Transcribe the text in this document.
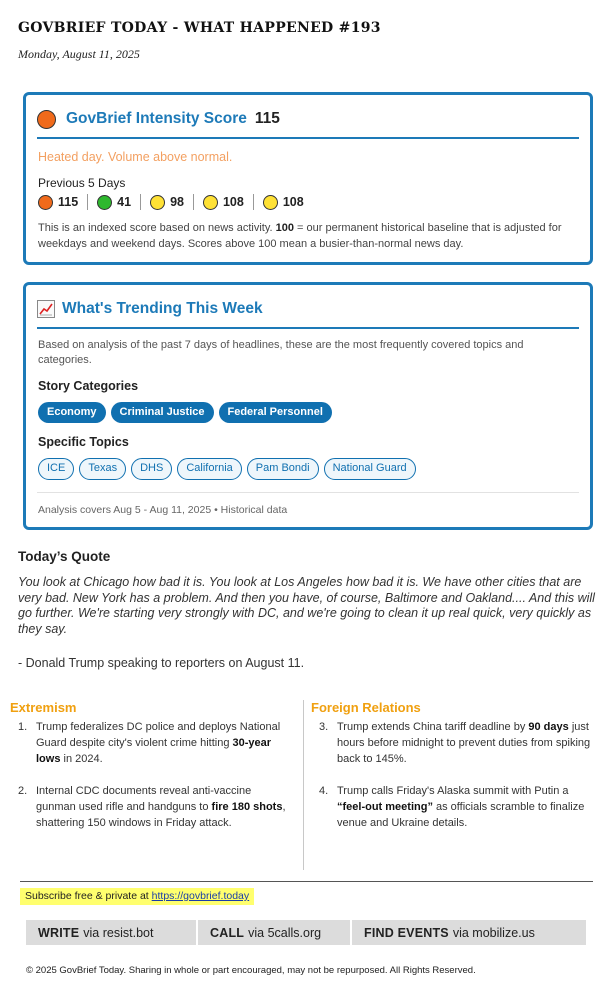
GOVBRIEF TODAY - WHAT HAPPENED #193
Monday, August 11, 2025
GovBrief Intensity Score 115
Heated day. Volume above normal.
Previous 5 Days
115	41	98	108	108
This is an indexed score based on news activity. 100 = our permanent historical baseline that is adjusted for weekdays and weekend days. Scores above 100 mean a busier-than-normal news day.
What's Trending This Week
Based on analysis of the past 7 days of headlines, these are the most frequently covered topics and categories.
Story Categories
Economy	Criminal Justice	Federal Personnel
Specific Topics
ICE	Texas	DHS	California	Pam Bondi	National Guard
Analysis covers Aug 5 - Aug 11, 2025 • Historical data
Today’s Quote
You look at Chicago how bad it is. You look at Los Angeles how bad it is. We have other cities that are very bad. New York has a problem. And then you have, of course, Baltimore and Oakland.... And this will go further. We're starting very strongly with DC, and we're going to clean it up real quick, very quickly as they say.
- Donald Trump speaking to reporters on August 11.
Extremism
1. Trump federalizes DC police and deploys National Guard despite city's violent crime hitting 30-year lows in 2024.
2. Internal CDC documents reveal anti-vaccine gunman used rifle and handguns to fire 180 shots, shattering 150 windows in Friday attack.
Foreign Relations
3. Trump extends China tariff deadline by 90 days just hours before midnight to prevent duties from spiking back to 145%.
4. Trump calls Friday's Alaska summit with Putin a “feel-out meeting” as officials scramble to finalize venue and Ukraine details.
Subscribe free & private at https://govbrief.today
WRITE via resist.bot	CALL via 5calls.org	FIND EVENTS via mobilize.us
© 2025 GovBrief Today. Sharing in whole or part encouraged, may not be repurposed. All Rights Reserved.
